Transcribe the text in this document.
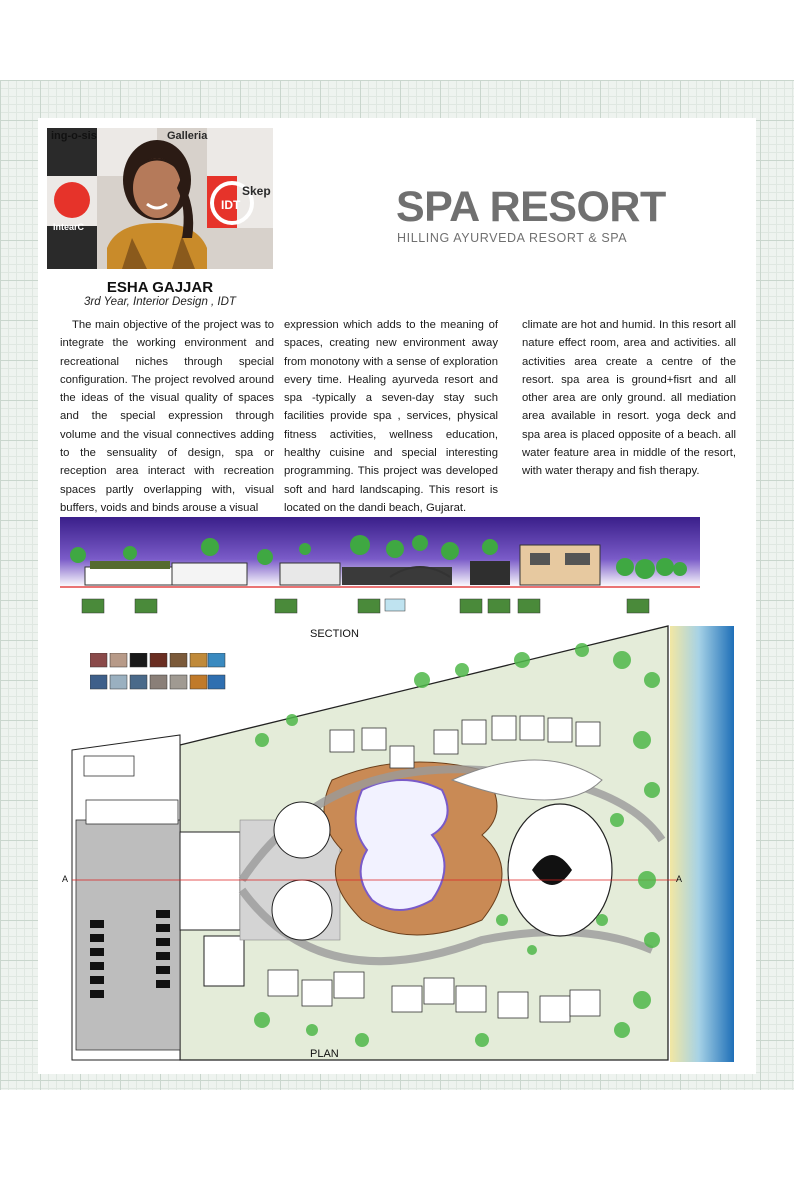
ing-o-sis	Galleria
IntearC
IDT
Skep	SPA RESORT
HILLING AYURVEDA RESORT & SPA
ESHA GAJJAR
3rd Year, Interior Design , IDT

The main objective of the project was to integrate the working environment and recreational niches through special configuration. The project revolved around the ideas of the visual quality of spaces and the special expression through volume and the visual connectives adding to the sensuality of design, spa or reception area interact with recreation spaces partly overlapping with, visual buffers, voids and binds arouse a visual

expression which adds to the meaning of spaces, creating new environment away from monotony with a sense of exploration every time. Healing ayurveda resort and spa -typically a seven-day stay such facilities provide spa , services, physical fitness activities, wellness education, healthy cuisine and special interesting programming. This project was developed soft and hard landscaping. This resort is located on the dandi beach, Gujarat.

climate are hot and humid. In this resort all nature effect room, area and activities. all activities area create a centre of the resort. spa area is ground+fisrt and all other area are only ground. all mediation area available in resort. yoga deck and spa area is placed opposite of a beach. all water feature area in middle of the resort, with water therapy and fish therapy.

SECTION
A	A
PLAN
